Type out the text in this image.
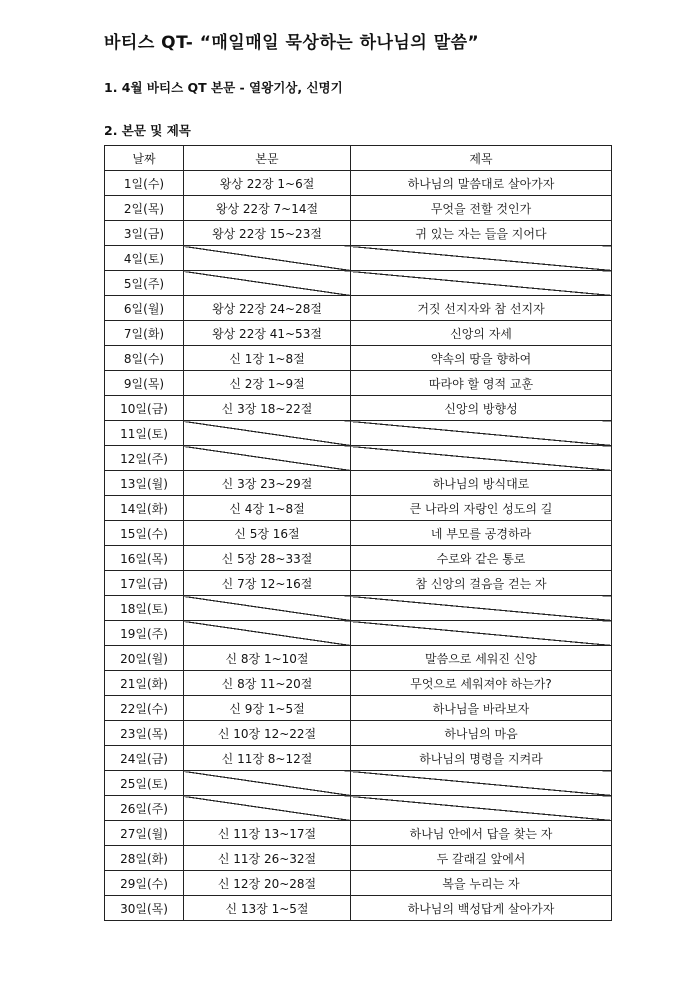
바티스 QT- “매일매일 묵상하는 하나님의 말씀”
1. 4월 바티스 QT 본문 - 열왕기상, 신명기
2. 본문 및 제목
날짜	본문	제목
1일(수)	왕상 22장 1~6절	하나님의 말씀대로 살아가자
2일(목)	왕상 22장 7~14절	무엇을 전할 것인가
3일(금)	왕상 22장 15~23절	귀 있는 자는 들을 지어다
4일(토)		
5일(주)		
6일(월)	왕상 22장 24~28절	거짓 선지자와 참 선지자
7일(화)	왕상 22장 41~53절	신앙의 자세
8일(수)	신 1장 1~8절	약속의 땅을 향하여
9일(목)	신 2장 1~9절	따라야 할 영적 교훈
10일(금)	신 3장 18~22절	신앙의 방향성
11일(토)		
12일(주)		
13일(월)	신 3장 23~29절	하나님의 방식대로
14일(화)	신 4장 1~8절	큰 나라의 자랑인 성도의 길
15일(수)	신 5장 16절	네 부모를 공경하라
16일(목)	신 5장 28~33절	수로와 같은 통로
17일(금)	신 7장 12~16절	참 신앙의 걸음을 걷는 자
18일(토)		
19일(주)		
20일(월)	신 8장 1~10절	말씀으로 세워진 신앙
21일(화)	신 8장 11~20절	무엇으로 세워져야 하는가?
22일(수)	신 9장 1~5절	하나님을 바라보자
23일(목)	신 10장 12~22절	하나님의 마음
24일(금)	신 11장 8~12절	하나님의 명령을 지켜라
25일(토)		
26일(주)		
27일(월)	신 11장 13~17절	하나님 안에서 답을 찾는 자
28일(화)	신 11장 26~32절	두 갈래길 앞에서
29일(수)	신 12장 20~28절	복을 누리는 자
30일(목)	신 13장 1~5절	하나님의 백성답게 살아가자
